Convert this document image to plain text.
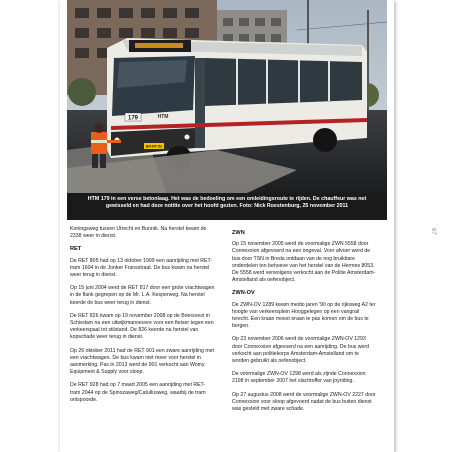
179	HTM
BX-RT-53
HTM 179 in een verse betonlaag. Het was de bedoeling om een omleidingsroute te rijden. De chauffeur was net
gewisseld en had deze notitie over het hoofd gezien. Foto: Nick Roestenburg, 25 november 2011

Koningsweg tussen Utrecht en Bunnik. Na herstel kwam de 2338 weer in dienst.

RET

De RET 805 had op 13 oktober 1999 een aanrijding met RET-tram 1604 in de Jonker Fransstraat. De bus kwam na herstel weer terug in dienst.

Op 15 juni 2004 werd de RET 817 door een grote vrachtwagen in de flank gegrepen op de Mr. L.A. Kesperweg. Na herstel keerde de bus weer terug in dienst.

De RET 826 kwam op 19 november 2008 op de Briersvest in Schiedam na een uitwijkmanoeuvre voor een fietser tegen een verkeerspaal tot stilstand. De 826 keerde na herstel van kopschade weer terug in dienst.

Op 26 oktober 2011 had de RET 901 een zware aanrijding met een vrachtwagen. De bus kwam niet meer voor herstel in aanmerking. Pas in 2013 werd de 901 verkocht aan Womy Equipment & Supply voor sloop.

De RET 928 had op 7 maart 2005 een aanrijding met RET-tram 2044 op de Spinozaweg/Catullusweg, waarbij de tram ontspoorde.

ZWN

Op 15 november 2005 werd de voormalige ZWN 5558 door Connexxion afgevoerd na een ongeval. Voor afvoer werd de bus door TSN in Breda ontdaan van de nog bruikbare onderdelen ten behoeve van het herstel van de Hermes 8053. De 5558 werd verwolgens verkocht aan de Politie Amsterdam-Amstelland als oefenobject.

ZWN-OV

De ZWN-OV 1289 kwam medio jaren '90 op de rijksweg A2 ter hoogte van verkeersplein Hooggelegen op een vangrail terecht. Een kraan moest eraan te pas komen om de bus te bergen.

Op 23 november 2006 werd de voormalige ZWN-OV 1293 door Connexxion afgevoerd na een aanrijding. De bus werd verkocht aan politiekorps Amsterdam-Amstelland om te worden gebruikt als oefenobject.

De voormalige ZWN-OV 1298 werd als zijnde Connexxion 2198 in september 2007 het slachtoffer van joyriding.

Op 27 augustus 2008 werd de voormalige ZWN-OV 2227 door Connexxion voor sloop afgevoerd nadat de bus buiten dienst was gesteld met zware schade.

67
